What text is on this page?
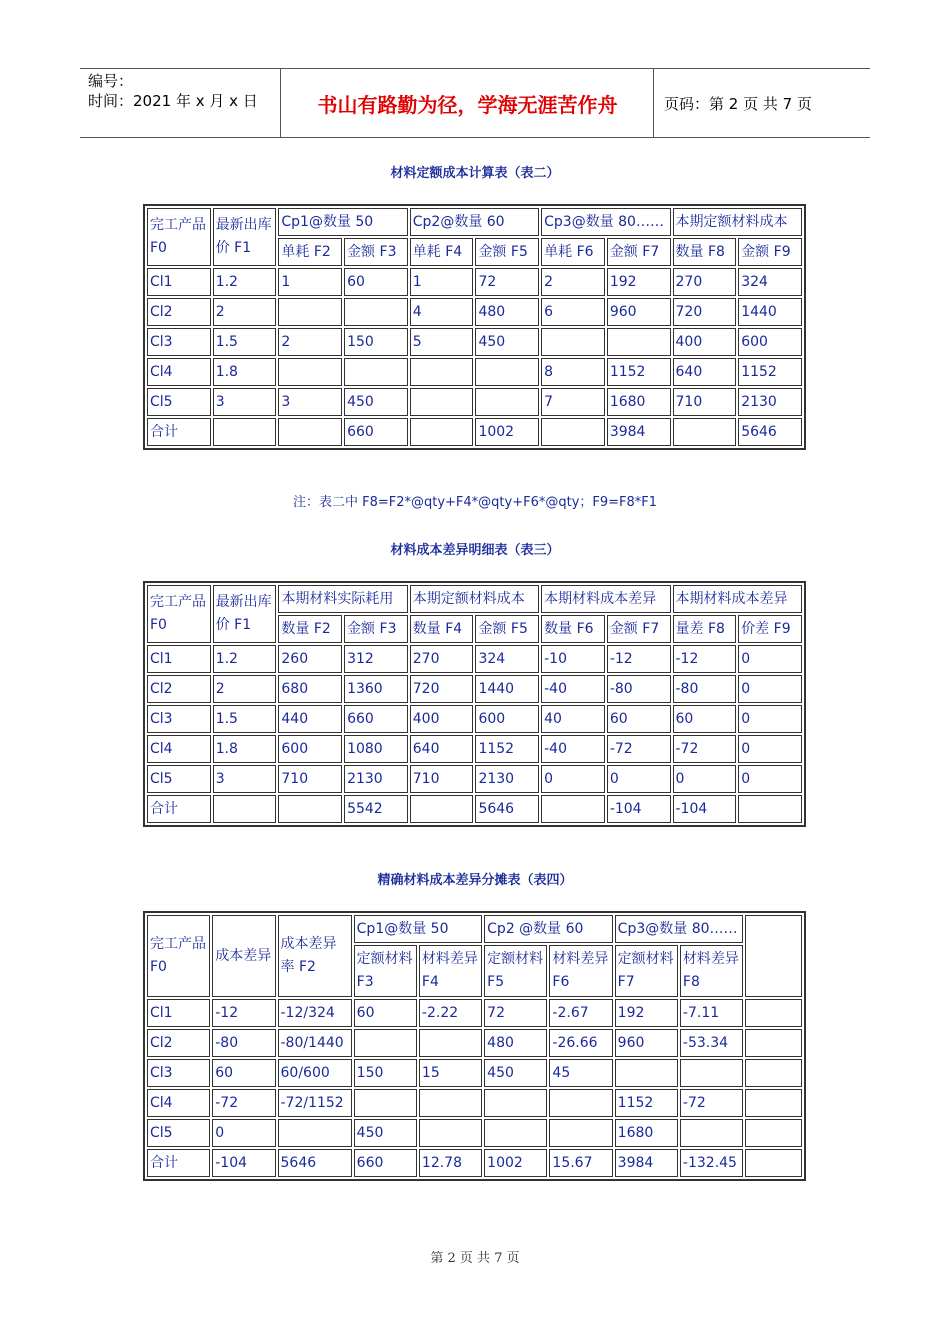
编号：
时间：2021 年 x 月 x 日	书山有路勤为径，学海无涯苦作舟	页码：第 2 页 共 7 页
材料定额成本计算表（表二）
完工产品F0	最新出库价 F1	Cp1@数量 50		Cp2@数量 60		Cp3@数量 80……		本期定额材料成本	
		单耗 F2	金额 F3	单耗 F4	金额 F5	单耗 F6	金额 F7	数量 F8	金额 F9
Cl1	1.2	1	60	1	72	2	192	270	324
Cl2	2			4	480	6	960	720	1440
Cl3	1.5	2	150	5	450			400	600
Cl4	1.8					8	1152	640	1152
Cl5	3	3	450			7	1680	710	2130
合计			660		1002		3984		5646
注：表二中 F8=F2*@qty+F4*@qty+F6*@qty；F9=F8*F1
材料成本差异明细表（表三）
完工产品F0	最新出库价 F1	本期材料实际耗用		本期定额材料成本		本期材料成本差异		本期材料成本差异	
		数量 F2	金额 F3	数量 F4	金额 F5	数量 F6	金额 F7	量差 F8	价差 F9
Cl1	1.2	260	312	270	324	-10	-12	-12	0
Cl2	2	680	1360	720	1440	-40	-80	-80	0
Cl3	1.5	440	660	400	600	40	60	60	0
Cl4	1.8	600	1080	640	1152	-40	-72	-72	0
Cl5	3	710	2130	710	2130	0	0	0	0
合计			5542		5646		-104	-104	
精确材料成本差异分摊表（表四）
完工产品F0	成本差异	成本差异率 F2	Cp1@数量 50		Cp2 @数量 60		Cp3@数量 80……		
			定额材料F3	材料差异F4	定额材料F5	材料差异F6	定额材料F7	材料差异F8	
Cl1	-12	-12/324	60	-2.22	72	-2.67	192	-7.11	
Cl2	-80	-80/1440			480	-26.66	960	-53.34	
Cl3	60	60/600	150	15	450	45			
Cl4	-72	-72/1152					1152	-72	
Cl5	0		450				1680		
合计	-104	5646	660	12.78	1002	15.67	3984	-132.45	
第 2 页 共 7 页
